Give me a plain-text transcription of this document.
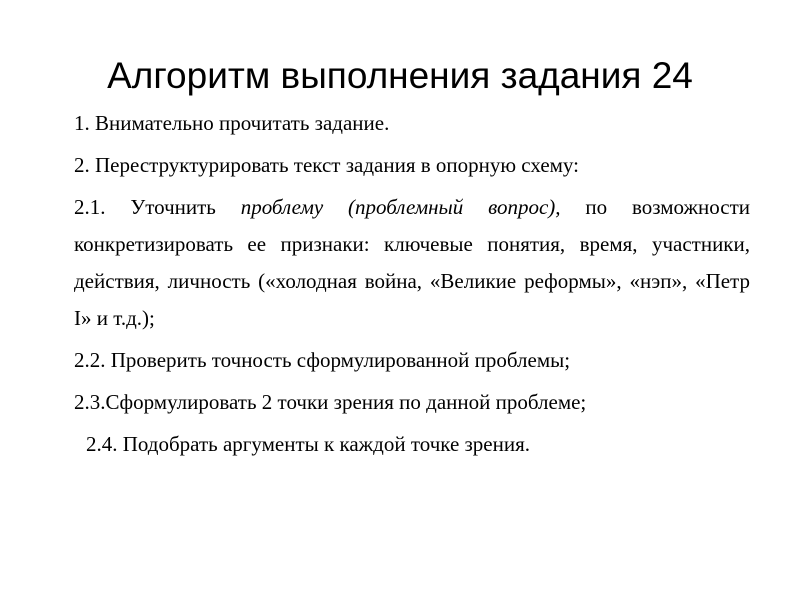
Алгоритм выполнения задания 24

1. Внимательно прочитать задание.

2. Переструктурировать текст задания в опорную схему:

2.1. Уточнить проблему (проблемный вопрос), по возможности конкретизировать ее признаки: ключевые понятия, время, участники, действия, личность («холодная война, «Великие реформы», «нэп», «Петр I» и т.д.);

2.2. Проверить точность сформулированной проблемы;

2.3.Сформулировать 2 точки зрения по данной проблеме;

2.4. Подобрать аргументы к каждой точке зрения.
